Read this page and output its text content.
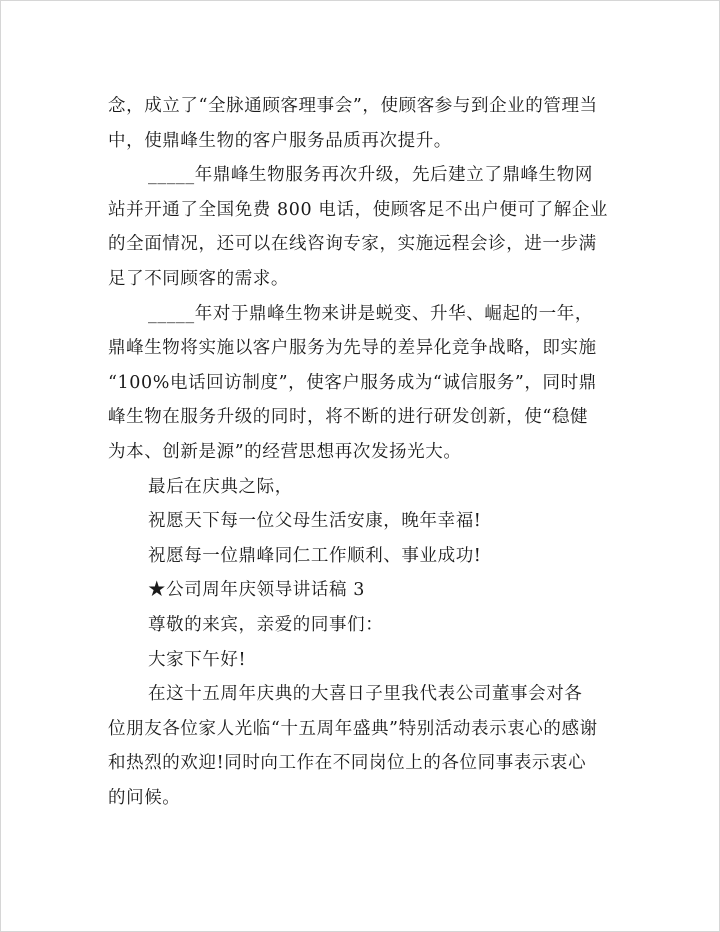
念，成立了“全脉通顾客理事会”，使顾客参与到企业的管理当
中，使鼎峰生物的客户服务品质再次提升。
_____年鼎峰生物服务再次升级，先后建立了鼎峰生物网
站并开通了全国免费 800 电话，使顾客足不出户便可了解企业
的全面情况，还可以在线咨询专家，实施远程会诊，进一步满
足了不同顾客的需求。
_____年对于鼎峰生物来讲是蜕变、升华、崛起的一年，
鼎峰生物将实施以客户服务为先导的差异化竞争战略，即实施
“100%电话回访制度”，使客户服务成为“诚信服务”，同时鼎
峰生物在服务升级的同时，将不断的进行研发创新，使“稳健
为本、创新是源”的经营思想再次发扬光大。
最后在庆典之际，
祝愿天下每一位父母生活安康，晚年幸福!
祝愿每一位鼎峰同仁工作顺利、事业成功!
★公司周年庆领导讲话稿 3
尊敬的来宾，亲爱的同事们：
大家下午好!
在这十五周年庆典的大喜日子里我代表公司董事会对各
位朋友各位家人光临“十五周年盛典”特别活动表示衷心的感谢
和热烈的欢迎!同时向工作在不同岗位上的各位同事表示衷心
的问候。
